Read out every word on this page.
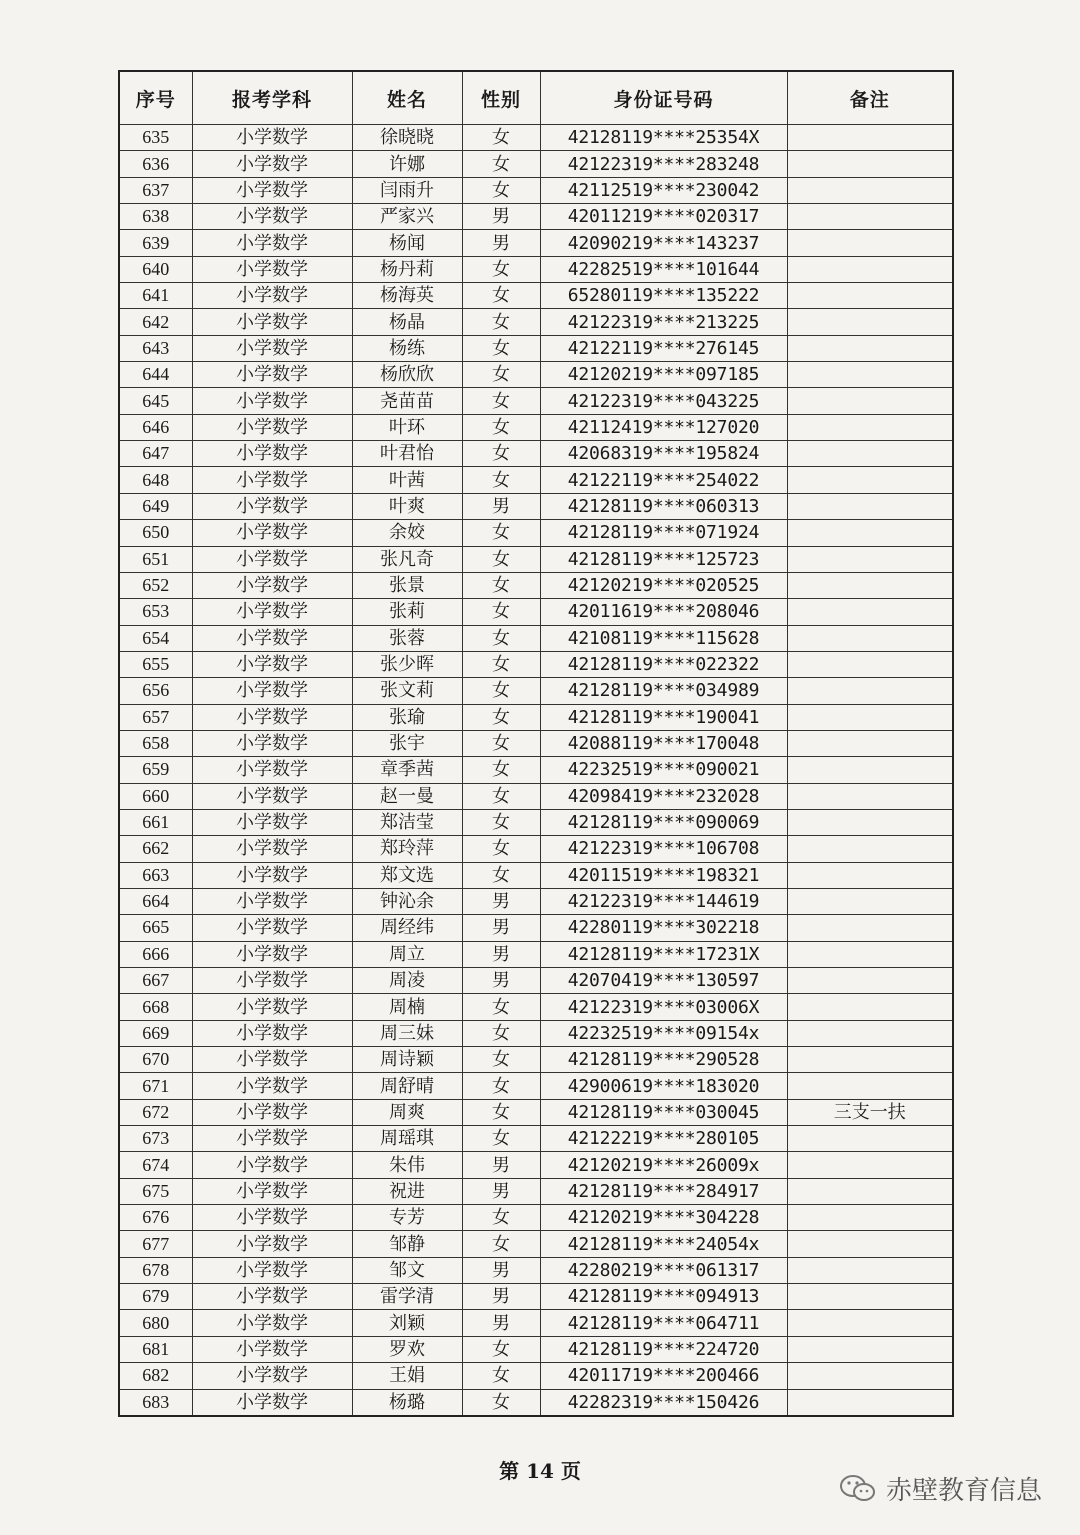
序号	报考学科	姓名	性别	身份证号码	备注
635	小学数学	徐晓晓	女	42128119****25354X	
636	小学数学	许娜	女	42122319****283248	
637	小学数学	闫雨升	女	42112519****230042	
638	小学数学	严家兴	男	42011219****020317	
639	小学数学	杨闻	男	42090219****143237	
640	小学数学	杨丹莉	女	42282519****101644	
641	小学数学	杨海英	女	65280119****135222	
642	小学数学	杨晶	女	42122319****213225	
643	小学数学	杨练	女	42122119****276145	
644	小学数学	杨欣欣	女	42120219****097185	
645	小学数学	尧苗苗	女	42122319****043225	
646	小学数学	叶环	女	42112419****127020	
647	小学数学	叶君怡	女	42068319****195824	
648	小学数学	叶茜	女	42122119****254022	
649	小学数学	叶爽	男	42128119****060313	
650	小学数学	余姣	女	42128119****071924	
651	小学数学	张凡奇	女	42128119****125723	
652	小学数学	张景	女	42120219****020525	
653	小学数学	张莉	女	42011619****208046	
654	小学数学	张蓉	女	42108119****115628	
655	小学数学	张少晖	女	42128119****022322	
656	小学数学	张文莉	女	42128119****034989	
657	小学数学	张瑜	女	42128119****190041	
658	小学数学	张宇	女	42088119****170048	
659	小学数学	章季茜	女	42232519****090021	
660	小学数学	赵一曼	女	42098419****232028	
661	小学数学	郑洁莹	女	42128119****090069	
662	小学数学	郑玲萍	女	42122319****106708	
663	小学数学	郑文选	女	42011519****198321	
664	小学数学	钟沁余	男	42122319****144619	
665	小学数学	周经纬	男	42280119****302218	
666	小学数学	周立	男	42128119****17231X	
667	小学数学	周凌	男	42070419****130597	
668	小学数学	周楠	女	42122319****03006X	
669	小学数学	周三妹	女	42232519****09154x	
670	小学数学	周诗颖	女	42128119****290528	
671	小学数学	周舒晴	女	42900619****183020	
672	小学数学	周爽	女	42128119****030045	三支一扶
673	小学数学	周瑶琪	女	42122219****280105	
674	小学数学	朱伟	男	42120219****26009x	
675	小学数学	祝进	男	42128119****284917	
676	小学数学	专芳	女	42120219****304228	
677	小学数学	邹静	女	42128119****24054x	
678	小学数学	邹文	男	42280219****061317	
679	小学数学	雷学清	男	42128119****094913	
680	小学数学	刘颖	男	42128119****064711	
681	小学数学	罗欢	女	42128119****224720	
682	小学数学	王娟	女	42011719****200466	
683	小学数学	杨璐	女	42282319****150426	
第 14 页
赤壁教育信息
